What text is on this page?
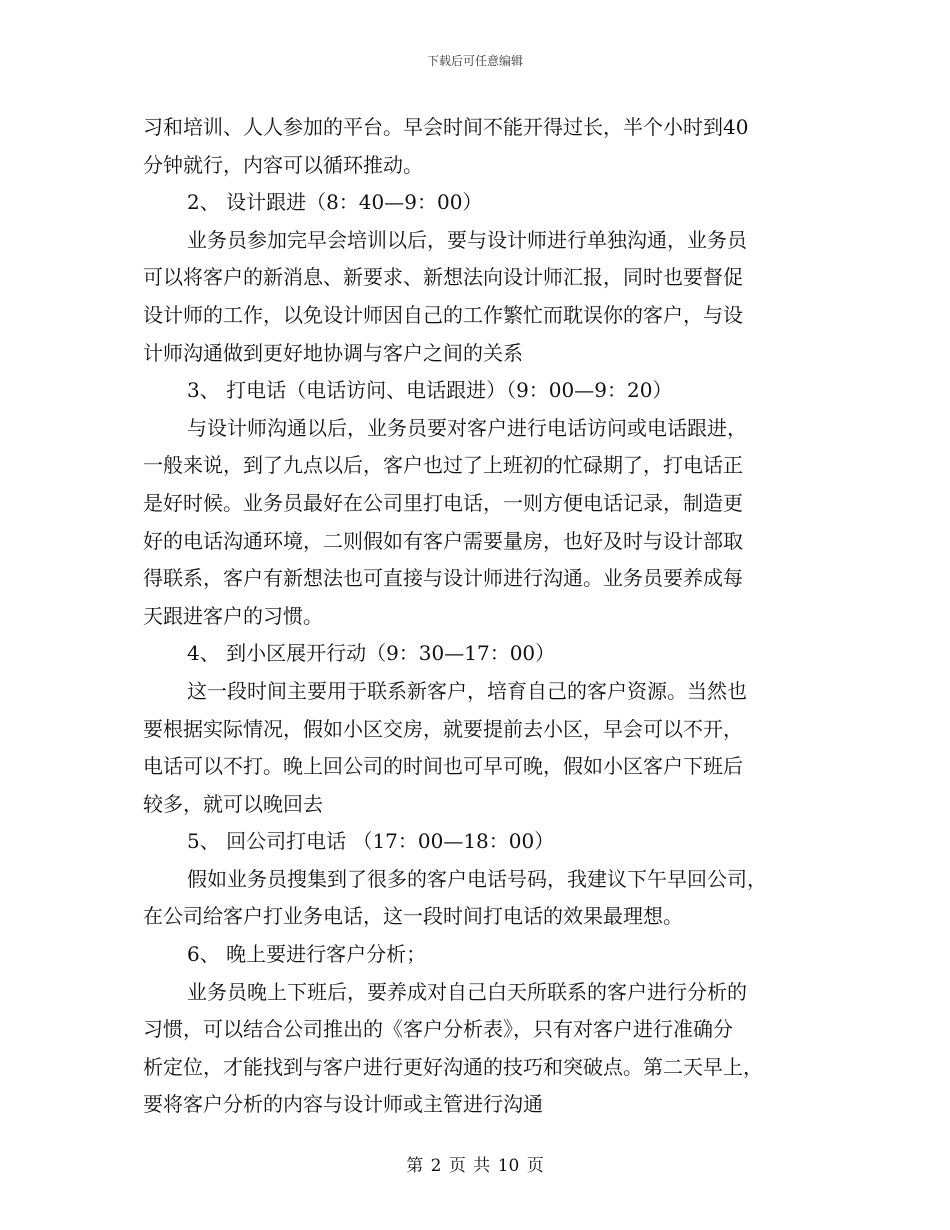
下载后可任意编辑
习和培训、人人参加的平台。早会时间不能开得过长，半个小时到40
分钟就行，内容可以循环推动。
2、 设计跟进（8：40—9：00）
业务员参加完早会培训以后，要与设计师进行单独沟通，业务员
可以将客户的新消息、新要求、新想法向设计师汇报，同时也要督促
设计师的工作，以免设计师因自己的工作繁忙而耽误你的客户，与设
计师沟通做到更好地协调与客户之间的关系
3、 打电话（电话访问、电话跟进）（9：00—9：20）
与设计师沟通以后，业务员要对客户进行电话访问或电话跟进，
一般来说，到了九点以后，客户也过了上班初的忙碌期了，打电话正
是好时候。业务员最好在公司里打电话，一则方便电话记录，制造更
好的电话沟通环境，二则假如有客户需要量房，也好及时与设计部取
得联系，客户有新想法也可直接与设计师进行沟通。业务员要养成每
天跟进客户的习惯。
4、 到小区展开行动（9：30—17：00）
这一段时间主要用于联系新客户，培育自己的客户资源。当然也
要根据实际情况，假如小区交房，就要提前去小区，早会可以不开，
电话可以不打。晚上回公司的时间也可早可晚，假如小区客户下班后
较多，就可以晚回去
5、 回公司打电话 （17：00—18：00）
假如业务员搜集到了很多的客户电话号码，我建议下午早回公司，
在公司给客户打业务电话，这一段时间打电话的效果最理想。
6、 晚上要进行客户分析；
业务员晚上下班后，要养成对自己白天所联系的客户进行分析的
习惯，可以结合公司推出的《客户分析表》，只有对客户进行准确分
析定位，才能找到与客户进行更好沟通的技巧和突破点。第二天早上，
要将客户分析的内容与设计师或主管进行沟通
第 2 页 共 10 页
